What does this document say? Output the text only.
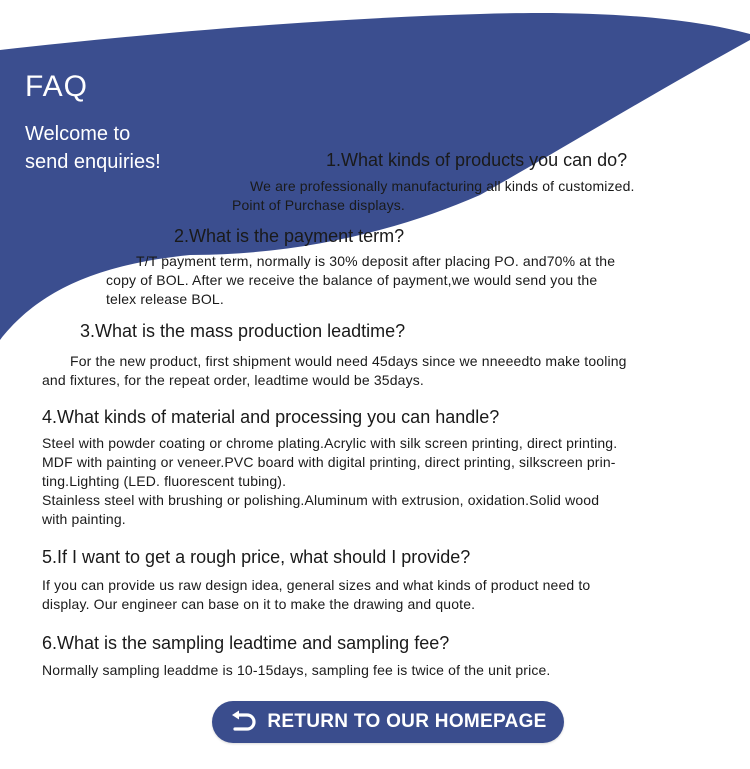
FAQ
Welcome to
send enquiries!	1.What kinds of products you can do?
We are professionally manufacturing all kinds of customized.
Point of Purchase displays.
2.What is the payment term?
T/T payment term, normally is 30% deposit after placing PO. and70% at the
copy of BOL. After we receive the balance of payment,we would send you the
telex release BOL.
3.What is the mass production leadtime?
For the new product, first shipment would need 45days since we nneeedto make tooling
and fixtures, for the repeat order, leadtime would be 35days.
4.What kinds of material and processing you can handle?
Steel with powder coating or chrome plating.Acrylic with silk screen printing, direct printing.
MDF with painting or veneer.PVC board with digital printing, direct printing, silkscreen prin-
ting.Lighting (LED. fluorescent tubing).
Stainless steel with brushing or polishing.Aluminum with extrusion, oxidation.Solid wood
with painting.
5.If I want to get a rough price, what should I provide?
If you can provide us raw design idea, general sizes and what kinds of product need to
display. Our engineer can base on it to make the drawing and quote.
6.What is the sampling leadtime and sampling fee?
Normally sampling leaddme is 10-15days, sampling fee is twice of the unit price.
RETURN TO OUR HOMEPAGE
